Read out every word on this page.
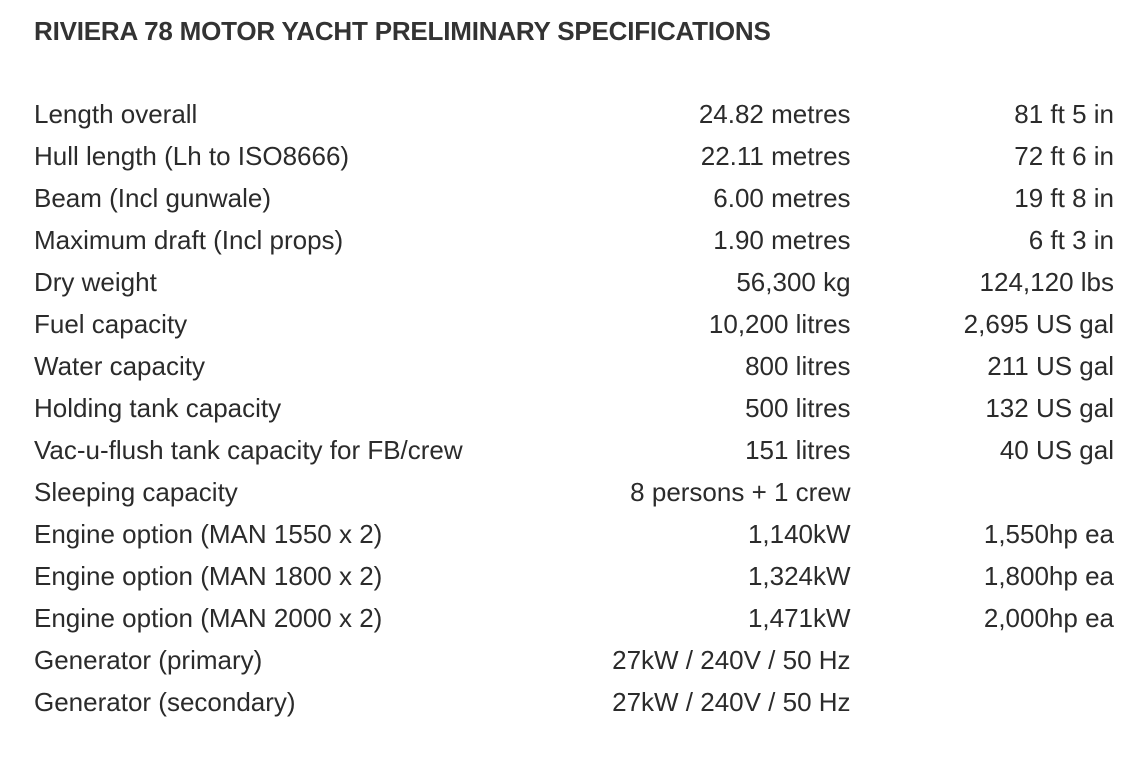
RIVIERA 78 MOTOR YACHT PRELIMINARY SPECIFICATIONS
Length overall	24.82 metres		81 ft 5 in
Hull length (Lh to ISO8666)	22.11 metres		72 ft 6 in
Beam (Incl gunwale)	6.00 metres		19 ft 8 in
Maximum draft (Incl props)	1.90 metres		6 ft 3 in
Dry weight	56,300 kg		124,120 lbs
Fuel capacity	10,200 litres		2,695 US gal
Water capacity	800 litres		211 US gal
Holding tank capacity	500 litres		132 US gal
Vac-u-flush tank capacity for FB/crew	151 litres		40 US gal
Sleeping capacity	8 persons + 1 crew		
Engine option (MAN 1550 x 2)	1,140kW		1,550hp ea
Engine option (MAN 1800 x 2)	1,324kW		1,800hp ea
Engine option (MAN 2000 x 2)	1,471kW		2,000hp ea
Generator (primary)	27kW / 240V / 50 Hz		
Generator (secondary)	27kW / 240V / 50 Hz		
